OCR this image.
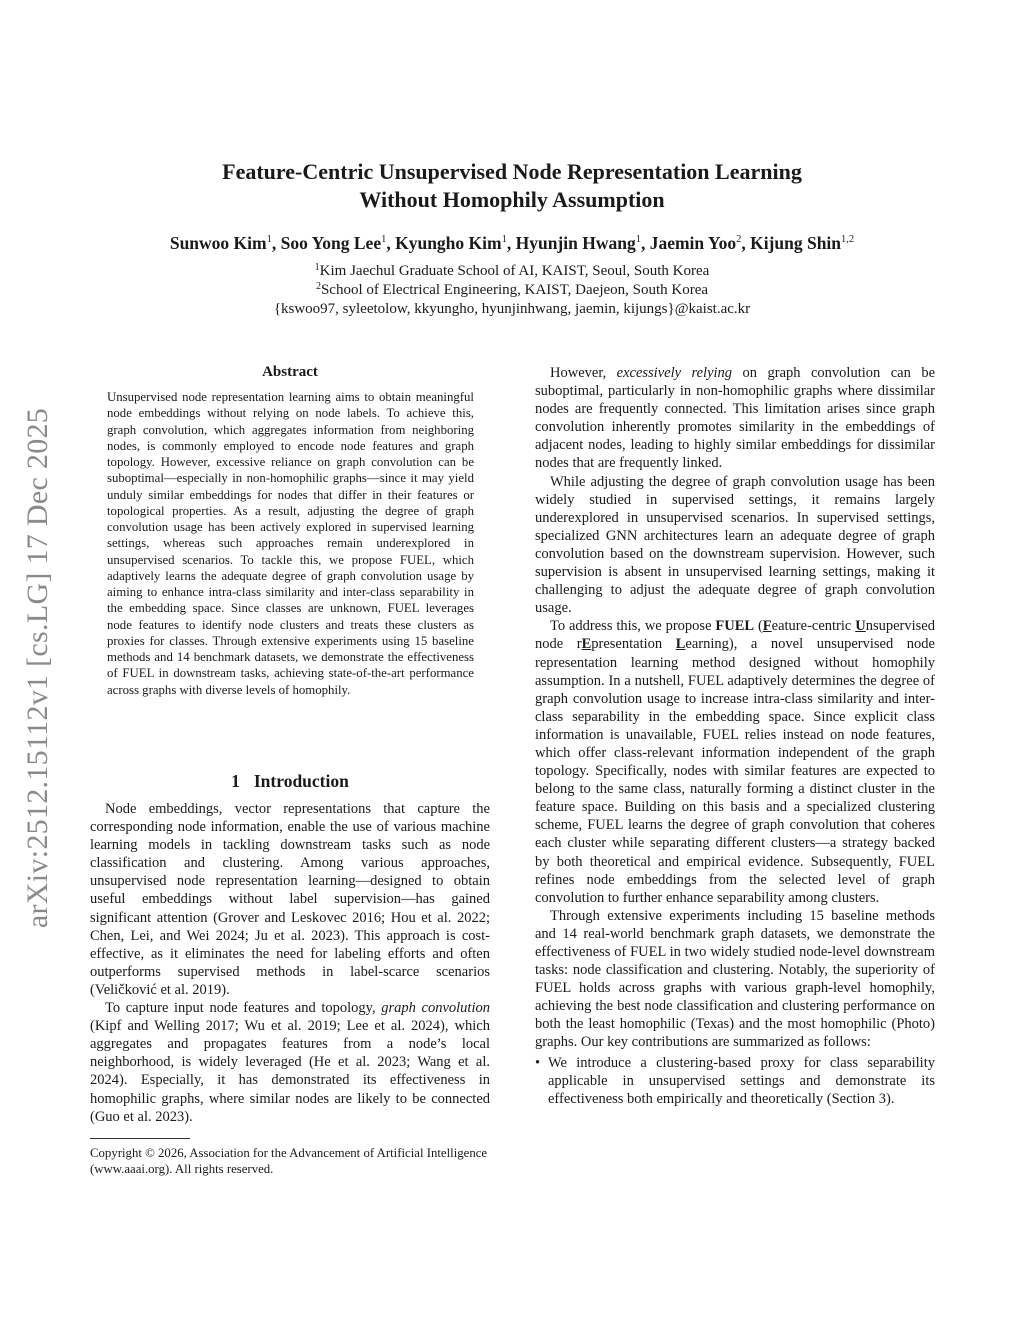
arXiv:2512.15112v1 [cs.LG] 17 Dec 2025
Feature-Centric Unsupervised Node Representation Learning
Without Homophily Assumption
Sunwoo Kim$^1$, Soo Yong Lee$^1$, Kyungho Kim$^1$, Hyunjin Hwang$^1$, Jaemin Yoo$^2$, Kijung Shin$^{1,2}$
$^1$Kim Jaechul Graduate School of AI, KAIST, Seoul, South Korea
$^2$School of Electrical Engineering, KAIST, Daejeon, South Korea
{kswoo97, syleetolow, kkyungho, hyunjinhwang, jaemin, kijungs}@kaist.ac.kr
Abstract
Unsupervised node representation learning aims to obtain meaningful node embeddings without relying on node labels. To achieve this, graph convolution, which aggregates information from neighboring nodes, is commonly employed to encode node features and graph topology. However, excessive reliance on graph convolution can be suboptimal—especially in non-homophilic graphs—since it may yield unduly similar embeddings for nodes that differ in their features or topological properties. As a result, adjusting the degree of graph convolution usage has been actively explored in supervised learning settings, whereas such approaches remain underexplored in unsupervised scenarios. To tackle this, we propose FUEL, which adaptively learns the adequate degree of graph convolution usage by aiming to enhance intra-class similarity and inter-class separability in the embedding space. Since classes are unknown, FUEL leverages node features to identify node clusters and treats these clusters as proxies for classes. Through extensive experiments using 15 baseline methods and 14 benchmark datasets, we demonstrate the effectiveness of FUEL in downstream tasks, achieving state-of-the-art performance across graphs with diverse levels of homophily.
1 Introduction

Node embeddings, vector representations that capture the corresponding node information, enable the use of various machine learning models in tackling downstream tasks such as node classification and clustering. Among various approaches, unsupervised node representation learning—designed to obtain useful embeddings without label supervision—has gained significant attention (Grover and Leskovec 2016; Hou et al. 2022; Chen, Lei, and Wei 2024; Ju et al. 2023). This approach is cost-effective, as it eliminates the need for labeling efforts and often outperforms supervised methods in label-scarce scenarios (Veličković et al. 2019).

To capture input node features and topology, graph convolution (Kipf and Welling 2017; Wu et al. 2019; Lee et al. 2024), which aggregates and propagates features from a node’s local neighborhood, is widely leveraged (He et al. 2023; Wang et al. 2024). Especially, it has demonstrated its effectiveness in homophilic graphs, where similar nodes are likely to be connected (Guo et al. 2023).

Copyright © 2026, Association for the Advancement of Artificial Intelligence (www.aaai.org). All rights reserved.

However, excessively relying on graph convolution can be suboptimal, particularly in non-homophilic graphs where dissimilar nodes are frequently connected. This limitation arises since graph convolution inherently promotes similarity in the embeddings of adjacent nodes, leading to highly similar embeddings for dissimilar nodes that are frequently linked.

While adjusting the degree of graph convolution usage has been widely studied in supervised settings, it remains largely underexplored in unsupervised scenarios. In supervised settings, specialized GNN architectures learn an adequate degree of graph convolution based on the downstream supervision. However, such supervision is absent in unsupervised learning settings, making it challenging to adjust the adequate degree of graph convolution usage.

To address this, we propose FUEL (Feature-centric Unsupervised node rEpresentation Learning), a novel unsupervised node representation learning method designed without homophily assumption. In a nutshell, FUEL adaptively determines the degree of graph convolution usage to increase intra-class similarity and inter-class separability in the embedding space. Since explicit class information is unavailable, FUEL relies instead on node features, which offer class-relevant information independent of the graph topology. Specifically, nodes with similar features are expected to belong to the same class, naturally forming a distinct cluster in the feature space. Building on this basis and a specialized clustering scheme, FUEL learns the degree of graph convolution that coheres each cluster while separating different clusters—a strategy backed by both theoretical and empirical evidence. Subsequently, FUEL refines node embeddings from the selected level of graph convolution to further enhance separability among clusters.

Through extensive experiments including 15 baseline methods and 14 real-world benchmark graph datasets, we demonstrate the effectiveness of FUEL in two widely studied node-level downstream tasks: node classification and clustering. Notably, the superiority of FUEL holds across graphs with various graph-level homophily, achieving the best node classification and clustering performance on both the least homophilic (Texas) and the most homophilic (Photo) graphs. Our key contributions are summarized as follows:

• We introduce a clustering-based proxy for class separability applicable in unsupervised settings and demonstrate its effectiveness both empirically and theoretically (Section 3).
